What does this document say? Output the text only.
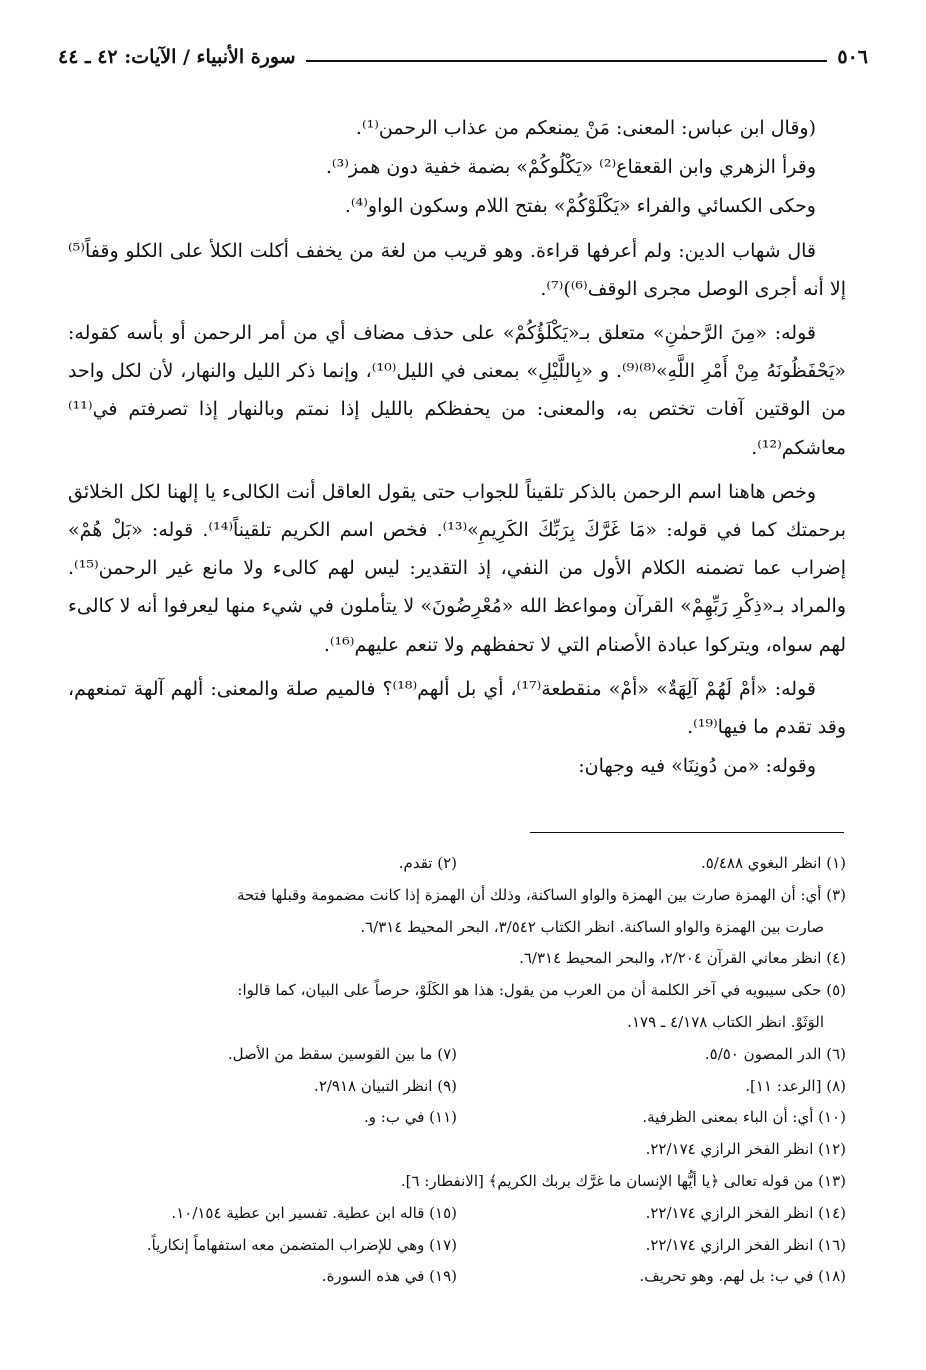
٥٠٦
سورة الأنبياء / الآيات: ٤٢ ـ ٤٤

(وقال ابن عباس: المعنى: مَنْ يمنعكم من عذاب الرحمن⁽¹⁾.

وقرأ الزهري وابن القعقاع⁽²⁾ «يَكْلُوكُمْ» بضمة خفية دون همز⁽³⁾.

وحكى الكسائي والفراء «يَكْلَوْكُمْ» بفتح اللام وسكون الواو⁽⁴⁾.

قال شهاب الدين: ولم أعرفها قراءة. وهو قريب من لغة من يخفف أكلت الكلأ على الكلو وقفاً⁽⁵⁾ إلا أنه أجرى الوصل مجرى الوقف⁽⁶⁾)⁽⁷⁾.

قوله: «مِنَ الرَّحمٰنِ» متعلق بـ«يَكْلَؤُكُمْ» على حذف مضاف أي من أمر الرحمن أو بأسه كقوله: «يَحْفَظُونَهُ مِنْ أَمْرِ اللَّهِ»⁽⁸⁾⁽⁹⁾. و «بِاللَّيْلِ» بمعنى في الليل⁽¹⁰⁾، وإنما ذكر الليل والنهار، لأن لكل واحد من الوقتين آفات تختص به، والمعنى: من يحفظكم بالليل إذا نمتم وبالنهار إذا تصرفتم في⁽¹¹⁾ معاشكم⁽¹²⁾.

وخص هاهنا اسم الرحمن بالذكر تلقيناً للجواب حتى يقول العاقل أنت الكالىء يا إلهنا لكل الخلائق برحمتك كما في قوله: «مَا غَرَّكَ بِرَبِّكَ الكَرِيمِ»⁽¹³⁾. فخص اسم الكريم تلقيناً⁽¹⁴⁾. قوله: «بَلْ هُمْ» إضراب عما تضمنه الكلام الأول من النفي، إذ التقدير: ليس لهم كالىء ولا مانع غير الرحمن⁽¹⁵⁾. والمراد بـ«ذِكْرِ رَبِّهِمْ» القرآن ومواعظ الله «مُعْرِضُونَ» لا يتأملون في شيء منها ليعرفوا أنه لا كالىء لهم سواه، ويتركوا عبادة الأصنام التي لا تحفظهم ولا تنعم عليهم⁽¹⁶⁾.

قوله: «أمْ لَهُمْ آلِهَةٌ» «أمْ» منقطعة⁽¹⁷⁾، أي بل ألهم⁽¹⁸⁾؟ فالميم صلة والمعنى: ألهم آلهة تمنعهم، وقد تقدم ما فيها⁽¹⁹⁾.

وقوله: «من دُونِنَا» فيه وجهان:

(١) انظر البغوي ٥/٤٨٨.
(٢) تقدم.
(٣) أي: أن الهمزة صارت بين الهمزة والواو الساكنة، وذلك أن الهمزة إذا كانت مضمومة وقبلها فتحة
صارت بين الهمزة والواو الساكنة. انظر الكتاب ٣/٥٤٢، البحر المحيط ٦/٣١٤.
(٤) انظر معاني القرآن ٢/٢٠٤، والبحر المحيط ٦/٣١٤.
(٥) حكى سيبويه في آخر الكلمة أن من العرب من يقول: هذا هو الكَلَوْ، حرصاً على البيان، كما قالوا:
الوَثَوْ. انظر الكتاب ٤/١٧٨ ـ ١٧٩.
(٦) الدر المصون ٥/٥٠.
(٧) ما بين القوسين سقط من الأصل.
(٨) [الرعد: ١١].
(٩) انظر التبيان ٢/٩١٨.
(١٠) أي: أن الباء بمعنى الظرفية.
(١١) في ب: و.
(١٢) انظر الفخر الرازي ٢٢/١٧٤.
(١٣) من قوله تعالى ﴿يا أيُّها الإنسان ما غرَّك بربك الكريم﴾ [الانفطار: ٦].
(١٤) انظر الفخر الرازي ٢٢/١٧٤.
(١٥) قاله ابن عطية. تفسير ابن عطية ١٠/١٥٤.
(١٦) انظر الفخر الرازي ٢٢/١٧٤.
(١٧) وهي للإضراب المتضمن معه استفهاماً إنكارياً.
(١٨) في ب: بل لهم. وهو تحريف.
(١٩) في هذه السورة.
